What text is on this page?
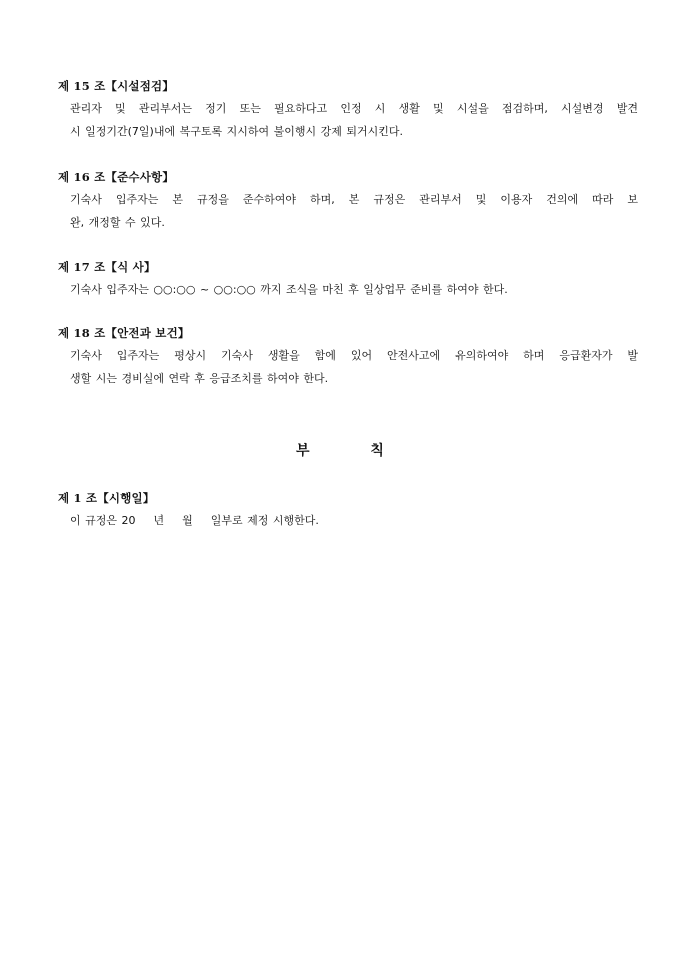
제 15 조【시설점검】
관리자 및 관리부서는 정기 또는 필요하다고 인정 시 생활 및 시설을 점검하며, 시설변경 발견
시 일정기간(7일)내에 복구토록 지시하여 불이행시 강제 퇴거시킨다.
제 16 조【준수사항】
기숙사 입주자는 본 규정을 준수하여야 하며, 본 규정은 관리부서 및 이용자 건의에 따라 보
완, 개정할 수 있다.
제 17 조【식 사】
기숙사 입주자는 ○○:○○ ~ ○○:○○ 까지 조식을 마친 후 일상업무 준비를 하여야 한다.
제 18 조【안전과 보건】
기숙사 입주자는 평상시 기숙사 생활을 함에 있어 안전사고에 유의하여야 하며 응급환자가 발
생할 시는 경비실에 연락 후 응급조치를 하여야 한다.
부 칙
제 1 조【시행일】
이 규정은 20    년    월    일부로 제정 시행한다.
